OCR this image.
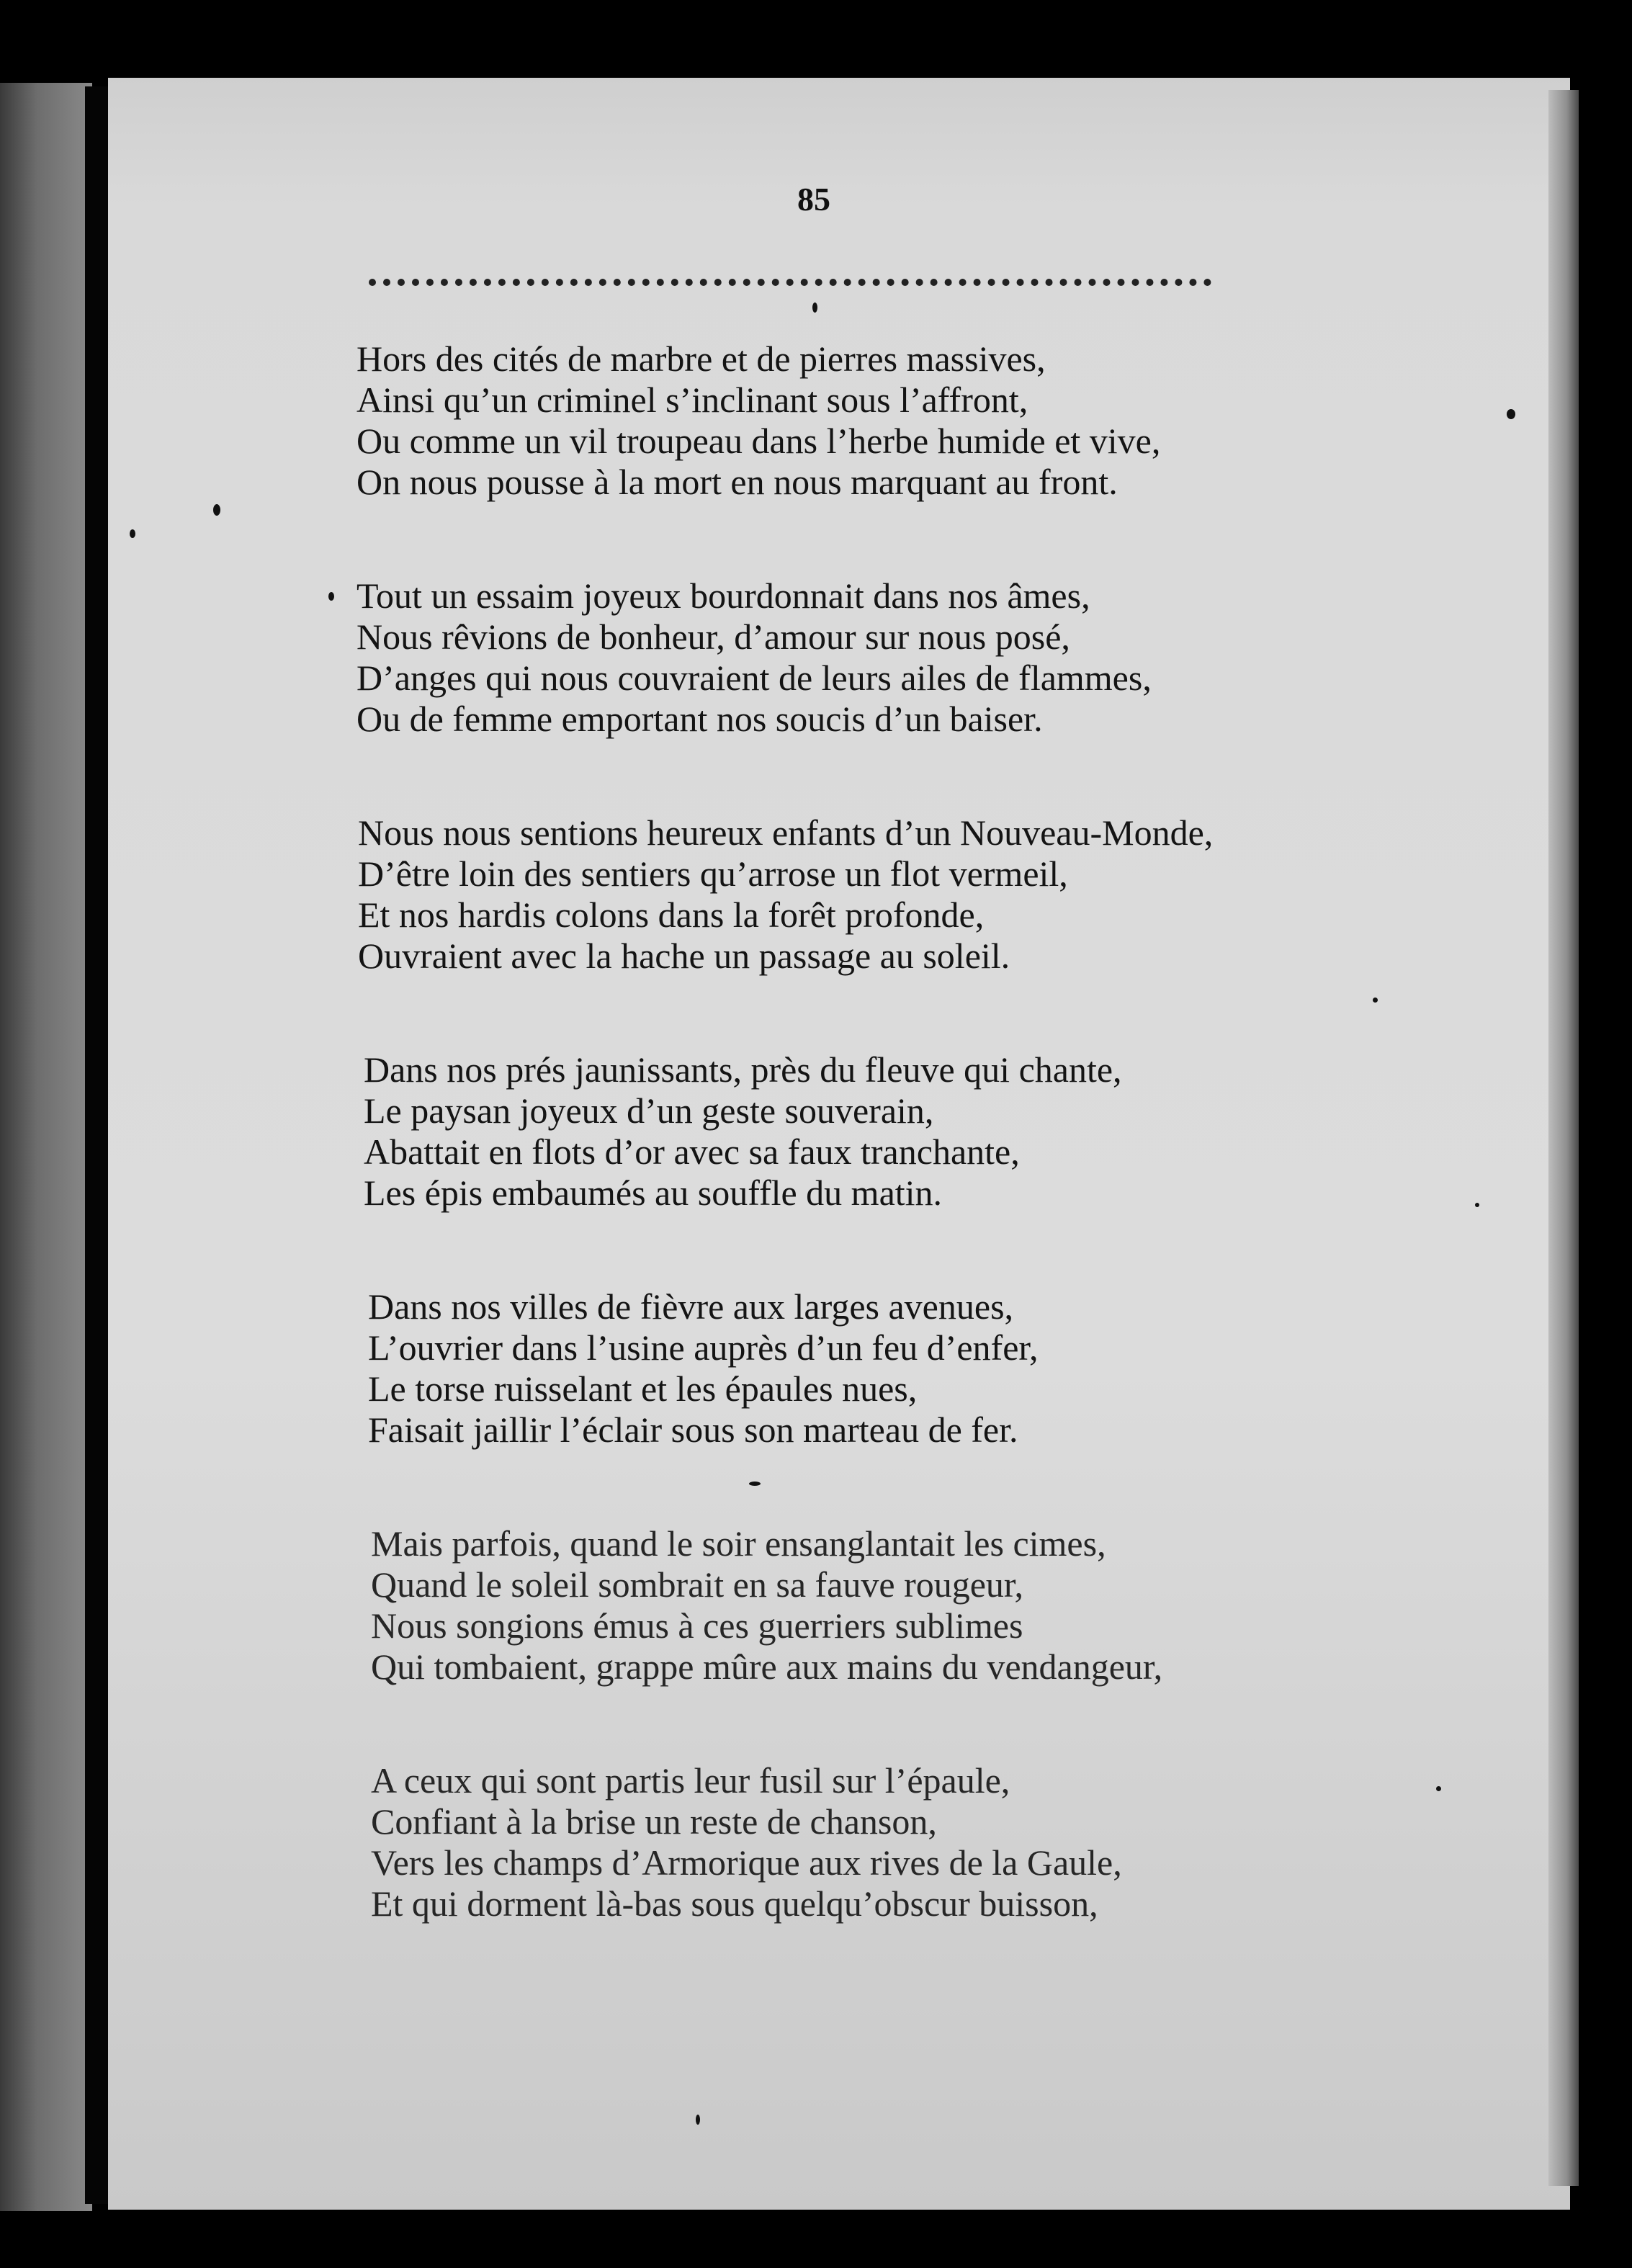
85
Hors des cités de marbre et de pierres massives,
Ainsi qu’un criminel s’inclinant sous l’affront,
Ou comme un vil troupeau dans l’herbe humide et vive,
On nous pousse à la mort en nous marquant au front.
Tout un essaim joyeux bourdonnait dans nos âmes,
Nous rêvions de bonheur, d’amour sur nous posé,
D’anges qui nous couvraient de leurs ailes de flammes,
Ou de femme emportant nos soucis d’un baiser.
Nous nous sentions heureux enfants d’un Nouveau-Monde,
D’être loin des sentiers qu’arrose un flot vermeil,
Et nos hardis colons dans la forêt profonde,
Ouvraient avec la hache un passage au soleil.
Dans nos prés jaunissants, près du fleuve qui chante,
Le paysan joyeux d’un geste souverain,
Abattait en flots d’or avec sa faux tranchante,
Les épis embaumés au souffle du matin.
Dans nos villes de fièvre aux larges avenues,
L’ouvrier dans l’usine auprès d’un feu d’enfer,
Le torse ruisselant et les épaules nues,
Faisait jaillir l’éclair sous son marteau de fer.
Mais parfois, quand le soir ensanglantait les cimes,
Quand le soleil sombrait en sa fauve rougeur,
Nous songions émus à ces guerriers sublimes
Qui tombaient, grappe mûre aux mains du vendangeur,
A ceux qui sont partis leur fusil sur l’épaule,
Confiant à la brise un reste de chanson,
Vers les champs d’Armorique aux rives de la Gaule,
Et qui dorment là-bas sous quelqu’obscur buisson,
